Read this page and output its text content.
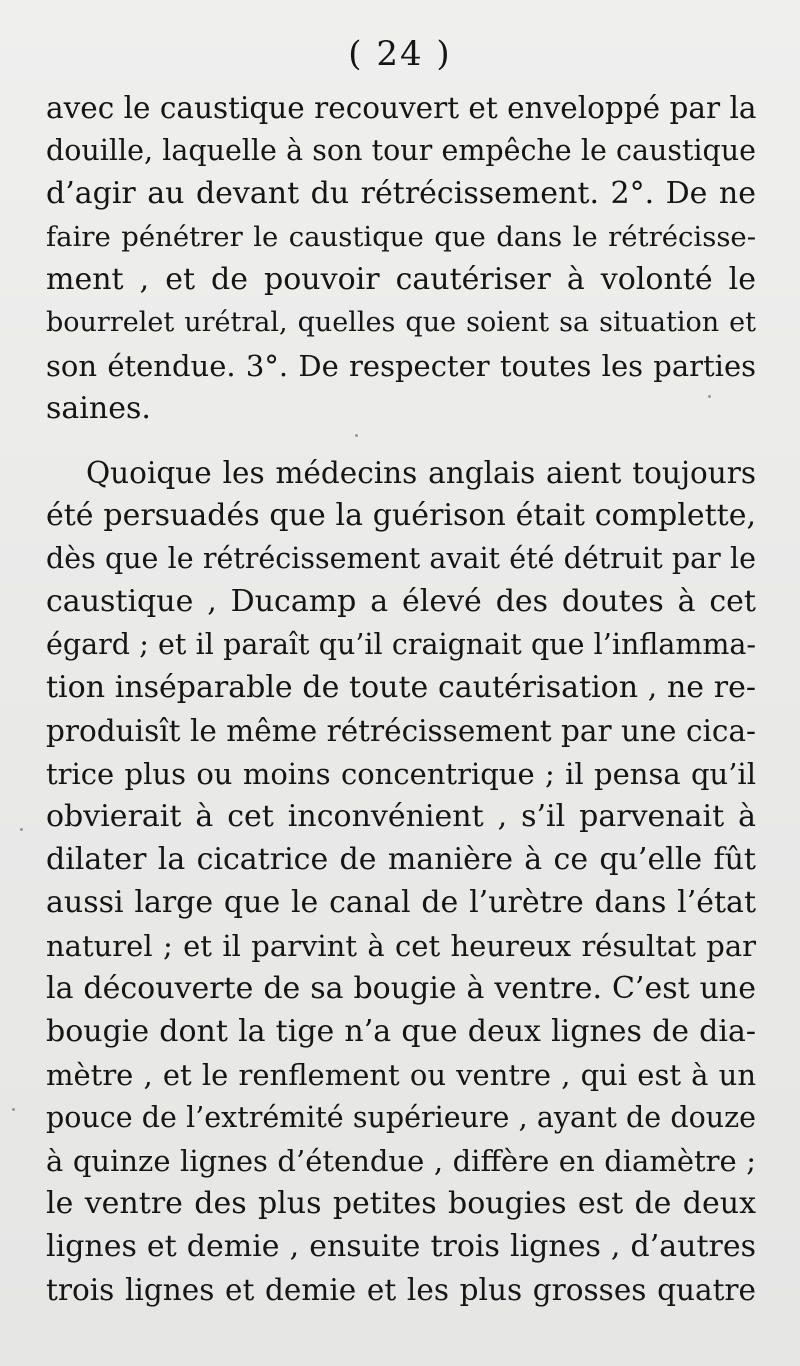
( 24 )
avec le caustique recouvert et enveloppé par la
douille, laquelle à son tour empêche le caustique
d’agir au devant du rétrécissement. 2°. De ne
faire pénétrer le caustique que dans le rétrécisse-
ment , et de pouvoir cautériser à volonté le
bourrelet urétral, quelles que soient sa situation et
son étendue. 3°. De respecter toutes les parties
saines.
Quoique les médecins anglais aient toujours
été persuadés que la guérison était complette,
dès que le rétrécissement avait été détruit par le
caustique , Ducamp a élevé des doutes à cet
égard ; et il paraît qu’il craignait que l’inflamma-
tion inséparable de toute cautérisation , ne re-
produisît le même rétrécissement par une cica-
trice plus ou moins concentrique ; il pensa qu’il
obvierait à cet inconvénient , s’il parvenait à
dilater la cicatrice de manière à ce qu’elle fût
aussi large que le canal de l’urètre dans l’état
naturel ; et il parvint à cet heureux résultat par
la découverte de sa bougie à ventre. C’est une
bougie dont la tige n’a que deux lignes de dia-
mètre , et le renflement ou ventre , qui est à un
pouce de l’extrémité supérieure , ayant de douze
à quinze lignes d’étendue , diffère en diamètre ;
le ventre des plus petites bougies est de deux
lignes et demie , ensuite trois lignes , d’autres
trois lignes et demie et les plus grosses quatre
